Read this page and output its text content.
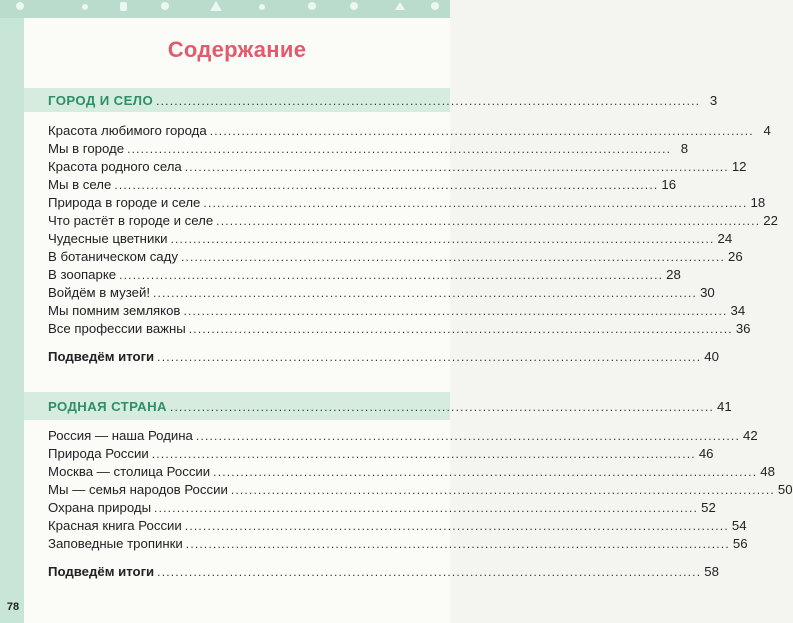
Содержание
ГОРОД И СЕЛО ........................................................................................................................ 3
Красота любимого города ........................................................................................................................ 4
Мы в городе ........................................................................................................................ 8
Красота родного села ........................................................................................................................ 12
Мы в селе ........................................................................................................................ 16
Природа в городе и селе ........................................................................................................................ 18
Что растёт в городе и селе ........................................................................................................................ 22
Чудесные цветники ........................................................................................................................ 24
В ботаническом саду ........................................................................................................................ 26
В зоопарке ........................................................................................................................ 28
Войдём в музей! ........................................................................................................................ 30
Мы помним земляков ........................................................................................................................ 34
Все профессии важны ........................................................................................................................ 36
Подведём итоги ........................................................................................................................ 40
РОДНАЯ СТРАНА ........................................................................................................................ 41
Россия — наша Родина ........................................................................................................................ 42
Природа России ........................................................................................................................ 46
Москва — столица России ........................................................................................................................ 48
Мы — семья народов России ........................................................................................................................ 50
Охрана природы ........................................................................................................................ 52
Красная книга России ........................................................................................................................ 54
Заповедные тропинки ........................................................................................................................ 56
Подведём итоги ........................................................................................................................ 58
78
